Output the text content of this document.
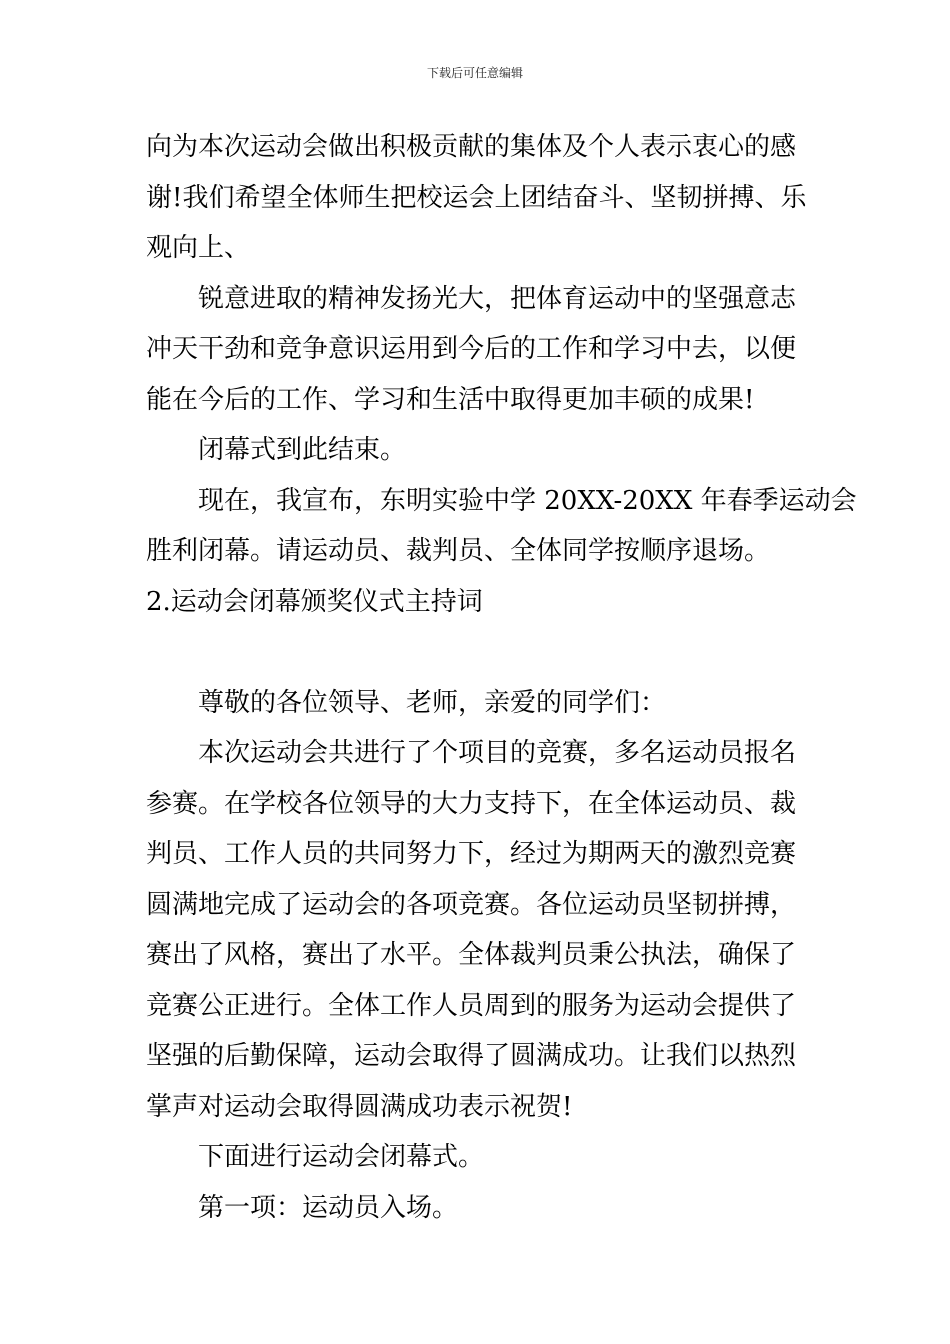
下载后可任意编辑
向为本次运动会做出积极贡献的集体及个人表示衷心的感
谢!我们希望全体师生把校运会上团结奋斗、坚韧拼搏、乐
观向上、
锐意进取的精神发扬光大，把体育运动中的坚强意志
冲天干劲和竞争意识运用到今后的工作和学习中去，以便
能在今后的工作、学习和生活中取得更加丰硕的成果!
闭幕式到此结束。
现在，我宣布，东明实验中学 20XX-20XX 年春季运动会
胜利闭幕。请运动员、裁判员、全体同学按顺序退场。
2.运动会闭幕颁奖仪式主持词
尊敬的各位领导、老师，亲爱的同学们：
本次运动会共进行了个项目的竞赛，多名运动员报名
参赛。在学校各位领导的大力支持下，在全体运动员、裁
判员、工作人员的共同努力下，经过为期两天的激烈竞赛
圆满地完成了运动会的各项竞赛。各位运动员坚韧拼搏，
赛出了风格，赛出了水平。全体裁判员秉公执法，确保了
竞赛公正进行。全体工作人员周到的服务为运动会提供了
坚强的后勤保障，运动会取得了圆满成功。让我们以热烈
掌声对运动会取得圆满成功表示祝贺!
下面进行运动会闭幕式。
第一项：运动员入场。
